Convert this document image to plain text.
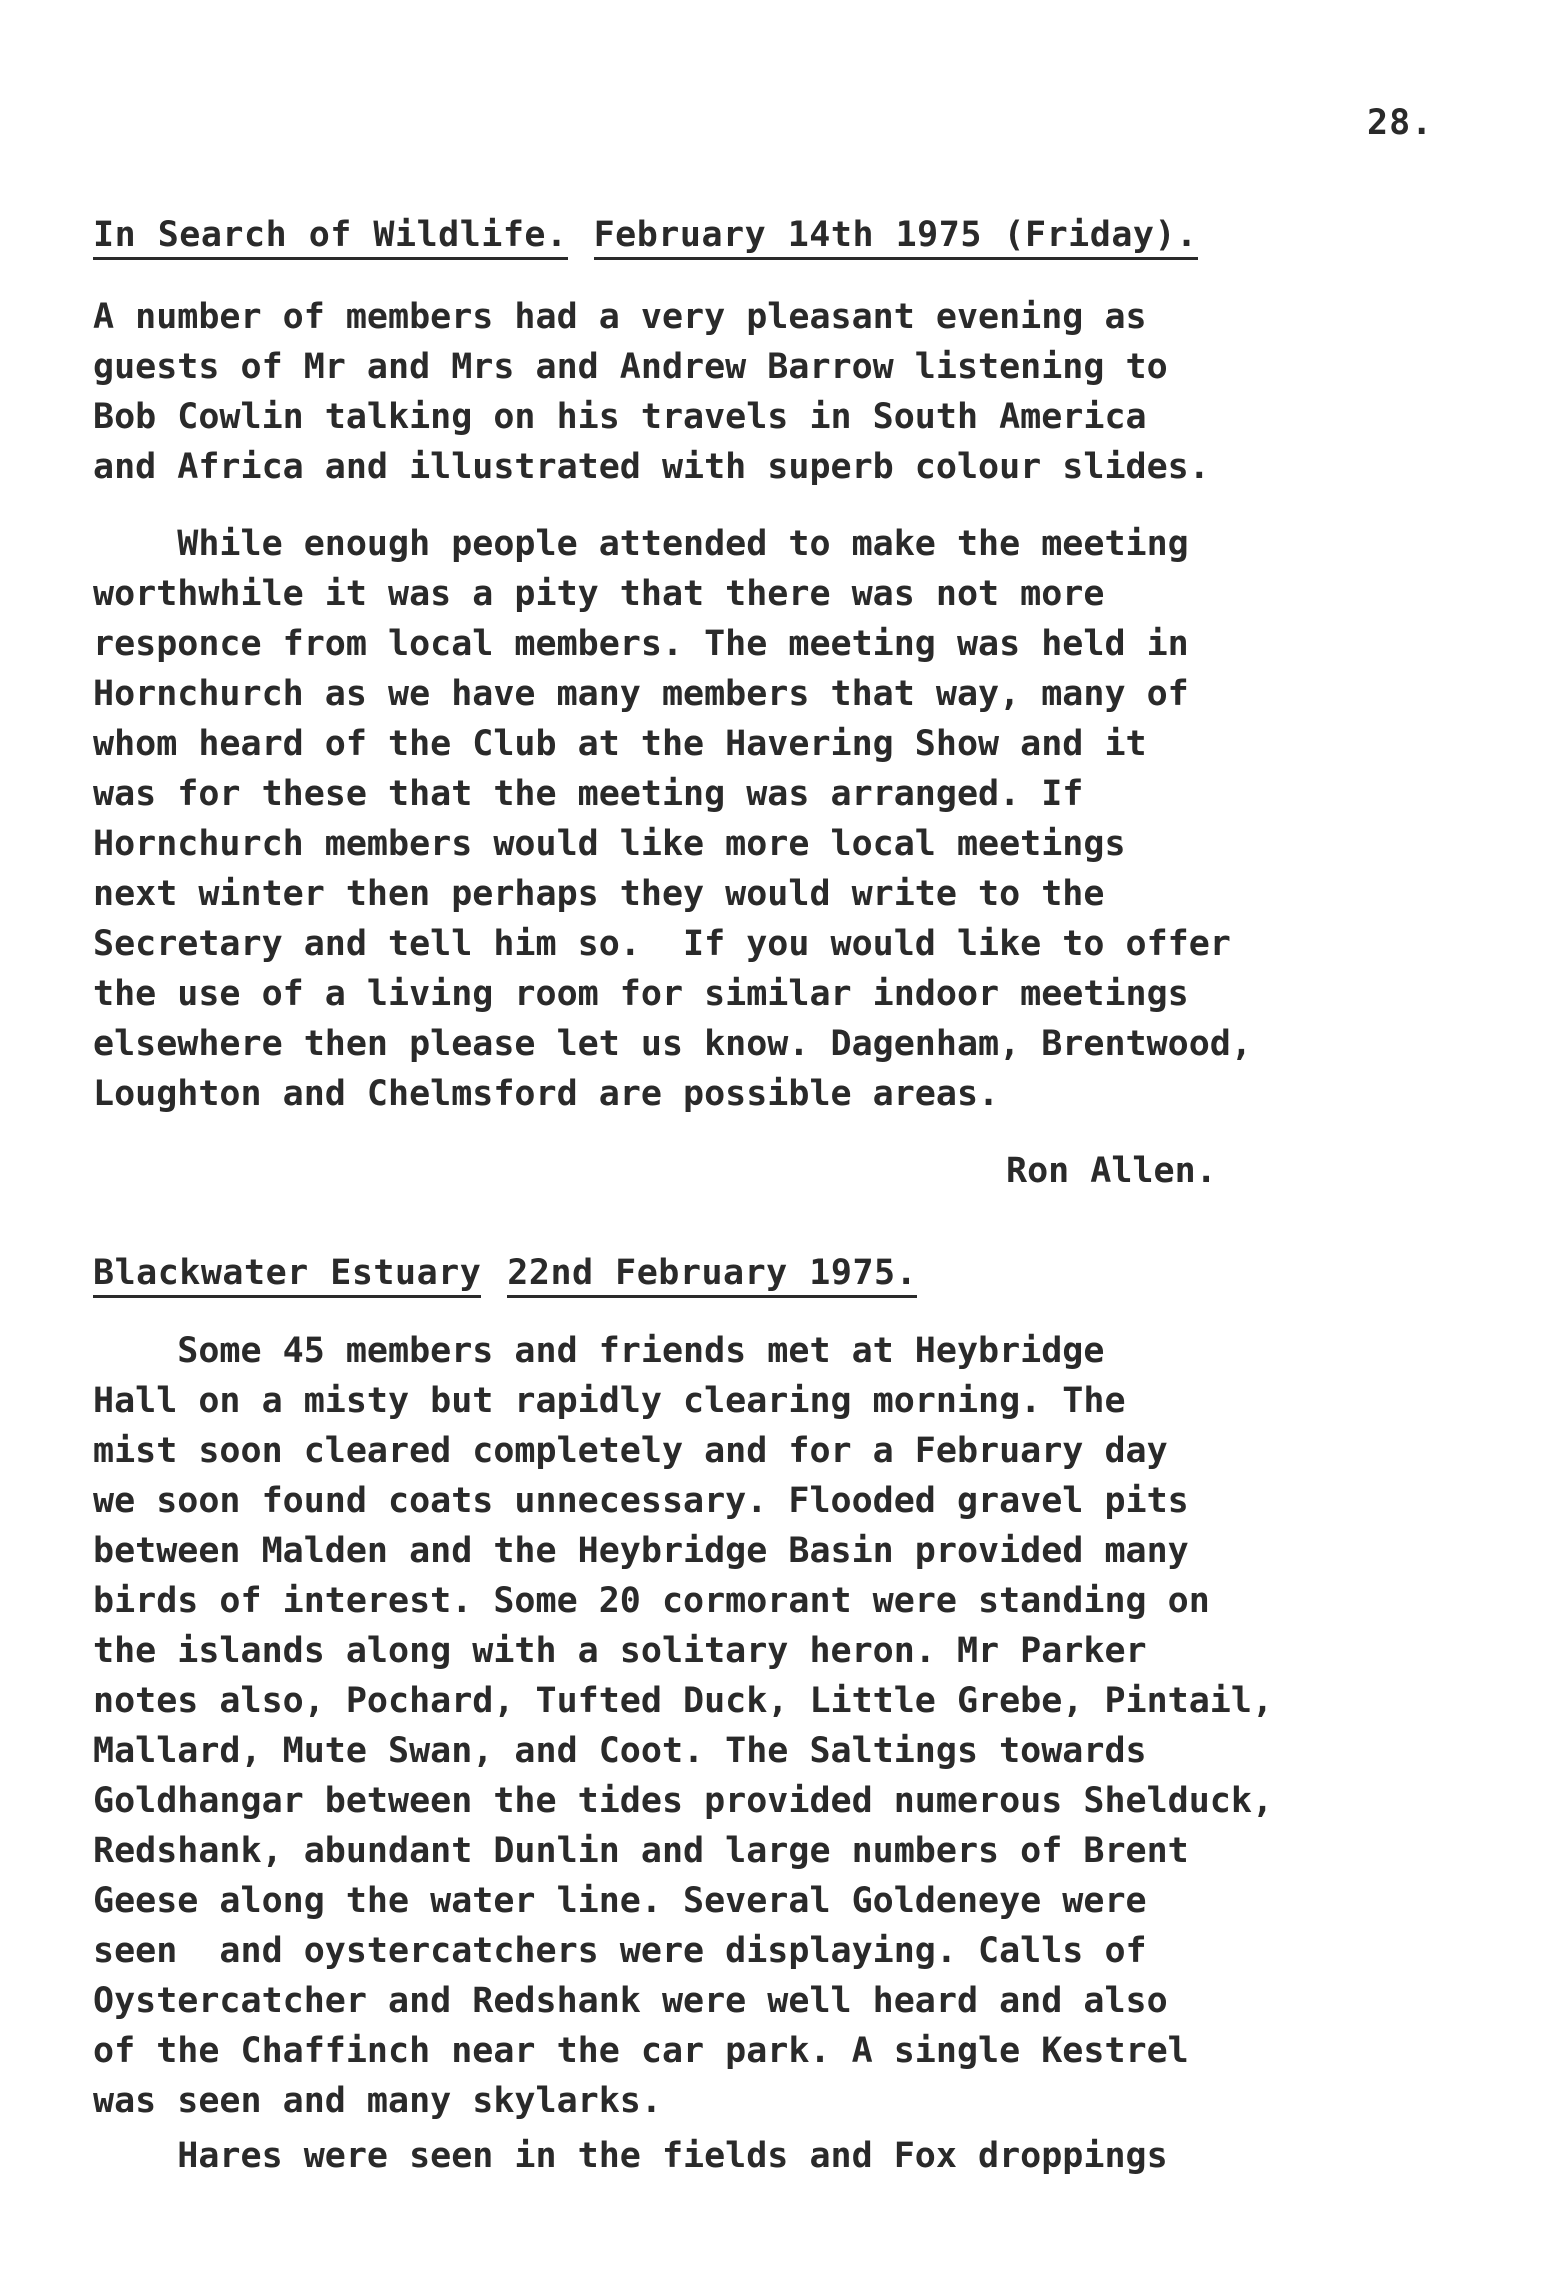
28.
In Search of Wildlife. February 14th 1975 (Friday).
A number of members had a very pleasant evening as
guests of Mr and Mrs and Andrew Barrow listening to
Bob Cowlin talking on his travels in South America
and Africa and illustrated with superb colour slides.
While enough people attended to make the meeting
worthwhile it was a pity that there was not more
responce from local members. The meeting was held in
Hornchurch as we have many members that way, many of
whom heard of the Club at the Havering Show and it
was for these that the meeting was arranged. If
Hornchurch members would like more local meetings
next winter then perhaps they would write to the
Secretary and tell him so.  If you would like to offer
the use of a living room for similar indoor meetings
elsewhere then please let us know. Dagenham, Brentwood,
Loughton and Chelmsford are possible areas.
Ron Allen.
Blackwater Estuary 22nd February 1975.
Some 45 members and friends met at Heybridge
Hall on a misty but rapidly clearing morning. The
mist soon cleared completely and for a February day
we soon found coats unnecessary. Flooded gravel pits
between Malden and the Heybridge Basin provided many
birds of interest. Some 20 cormorant were standing on
the islands along with a solitary heron. Mr Parker
notes also, Pochard, Tufted Duck, Little Grebe, Pintail,
Mallard, Mute Swan, and Coot. The Saltings towards
Goldhangar between the tides provided numerous Shelduck,
Redshank, abundant Dunlin and large numbers of Brent
Geese along the water line. Several Goldeneye were
seen  and oystercatchers were displaying. Calls of
Oystercatcher and Redshank were well heard and also
of the Chaffinch near the car park. A single Kestrel
was seen and many skylarks.
Hares were seen in the fields and Fox droppings
